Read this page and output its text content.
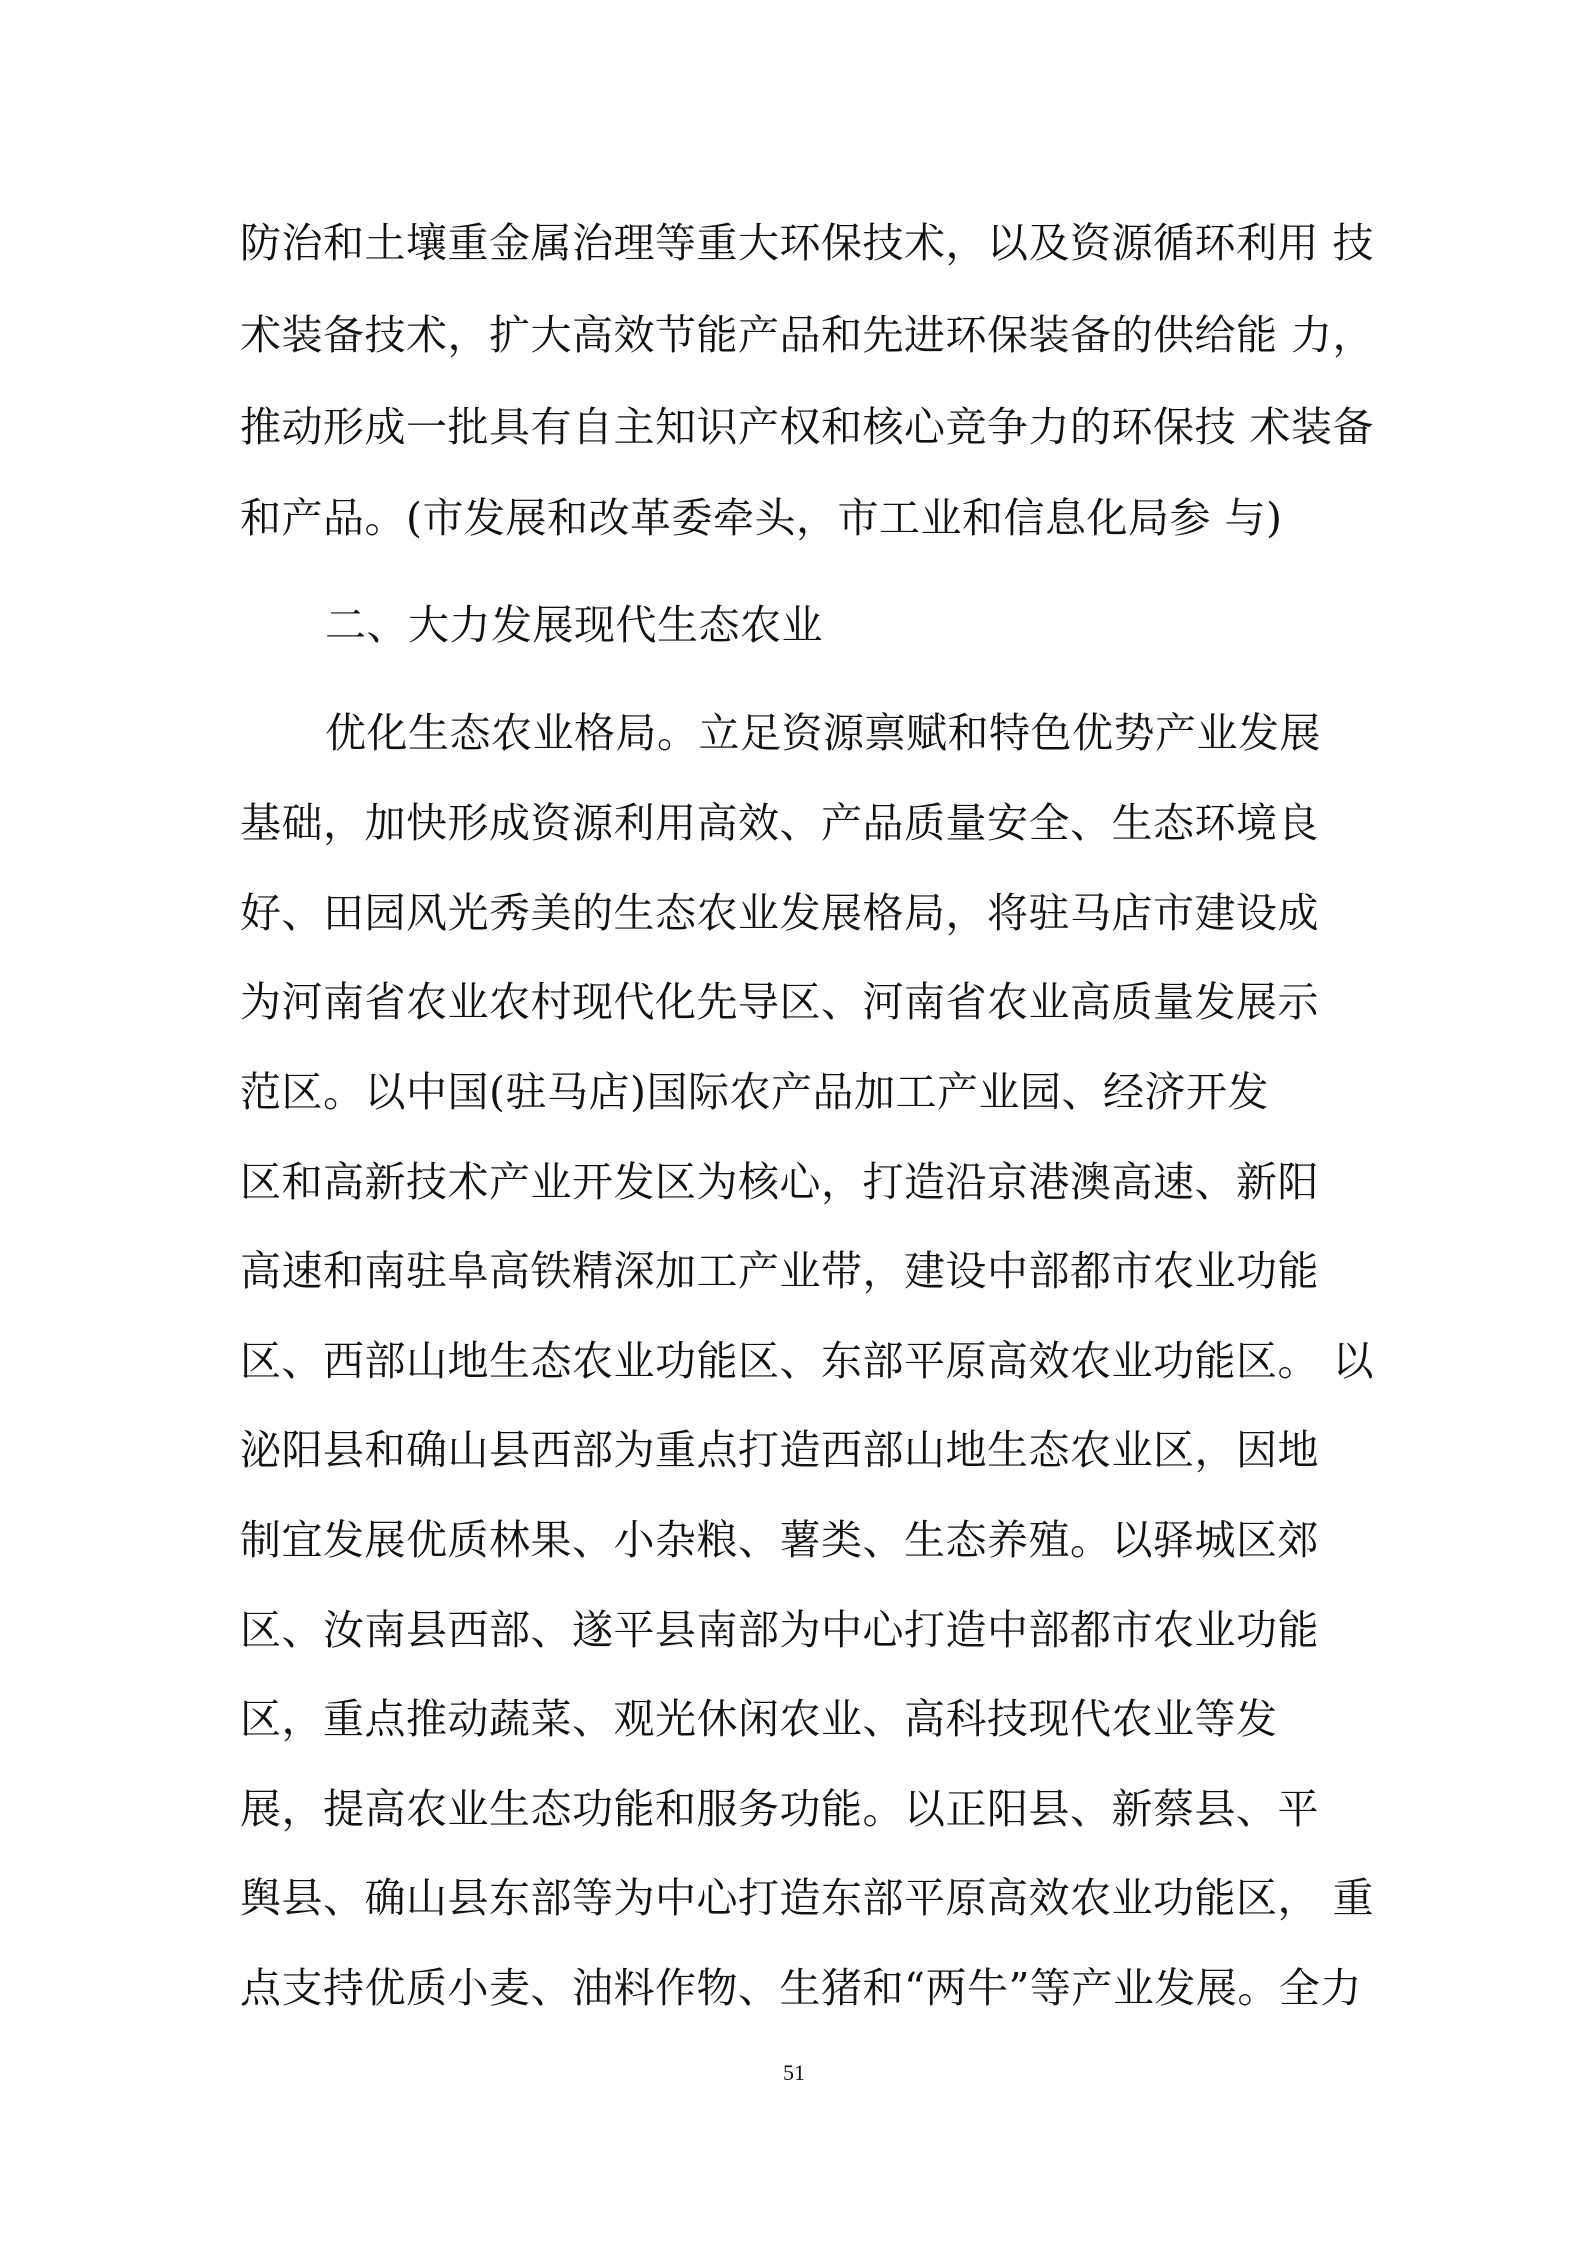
防治和土壤重金属治理等重大环保技术，以及资源循环利用 技
术装备技术，扩大高效节能产品和先进环保装备的供给能 力，
推动形成一批具有自主知识产权和核心竞争力的环保技 术装备
和产品。(市发展和改革委牵头，市工业和信息化局参 与)
二、大力发展现代生态农业
优化生态农业格局。立足资源禀赋和特色优势产业发展
基础，加快形成资源利用高效、产品质量安全、生态环境良
好、田园风光秀美的生态农业发展格局，将驻马店市建设成
为河南省农业农村现代化先导区、河南省农业高质量发展示
范区。以中国(驻马店)国际农产品加工产业园、经济开发
区和高新技术产业开发区为核心，打造沿京港澳高速、新阳
高速和南驻阜高铁精深加工产业带，建设中部都市农业功能
区、西部山地生态农业功能区、东部平原高效农业功能区。 以
泌阳县和确山县西部为重点打造西部山地生态农业区，因地
制宜发展优质林果、小杂粮、薯类、生态养殖。以驿城区郊
区、汝南县西部、遂平县南部为中心打造中部都市农业功能
区，重点推动蔬菜、观光休闲农业、高科技现代农业等发
展，提高农业生态功能和服务功能。以正阳县、新蔡县、平
舆县、确山县东部等为中心打造东部平原高效农业功能区， 重
点支持优质小麦、油料作物、生猪和“两牛”等产业发展。全力
51
